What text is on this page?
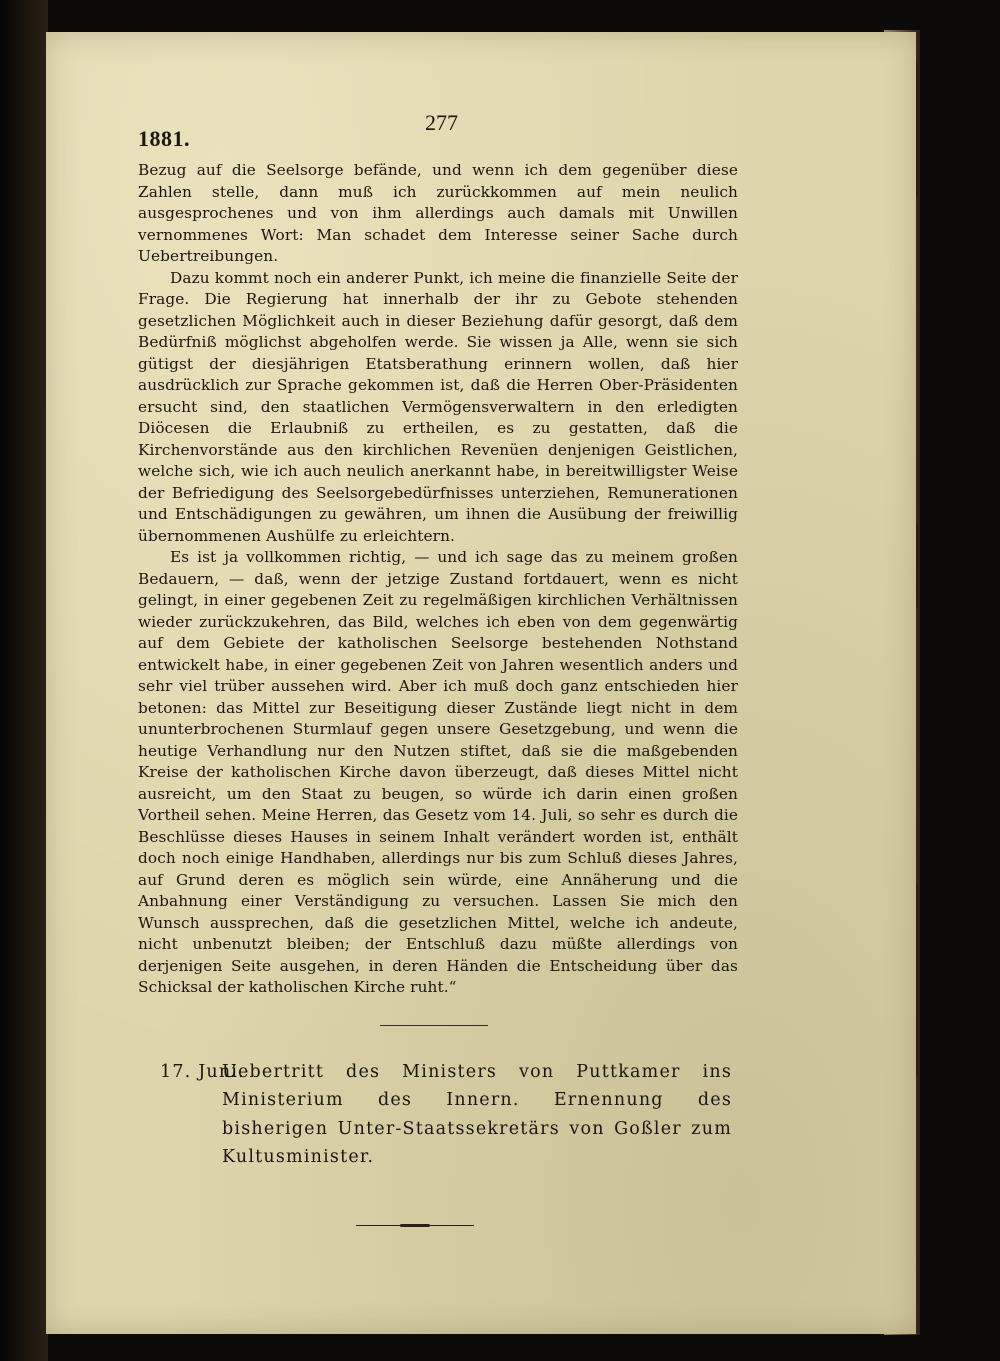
1881.
277

Bezug auf die Seelsorge befände, und wenn ich dem gegenüber diese Zahlen stelle, dann muß ich zurückkommen auf mein neulich ausgesprochenes und von ihm allerdings auch damals mit Unwillen vernommenes Wort: Man schadet dem Interesse seiner Sache durch Uebertreibungen.

Dazu kommt noch ein anderer Punkt, ich meine die finanzielle Seite der Frage. Die Regierung hat innerhalb der ihr zu Gebote stehenden gesetzlichen Möglichkeit auch in dieser Beziehung dafür gesorgt, daß dem Bedürfniß möglichst abgeholfen werde. Sie wissen ja Alle, wenn sie sich gütigst der diesjährigen Etatsberathung erinnern wollen, daß hier ausdrücklich zur Sprache gekommen ist, daß die Herren Ober-Präsidenten ersucht sind, den staatlichen Vermögensverwaltern in den erledigten Diöcesen die Erlaubniß zu ertheilen, es zu gestatten, daß die Kirchenvorstände aus den kirchlichen Revenüen denjenigen Geistlichen, welche sich, wie ich auch neulich anerkannt habe, in bereitwilligster Weise der Befriedigung des Seelsorgebedürfnisses unterziehen, Remunerationen und Entschädigungen zu gewähren, um ihnen die Ausübung der freiwillig übernommenen Aushülfe zu erleichtern.

Es ist ja vollkommen richtig, — und ich sage das zu meinem großen Bedauern, — daß, wenn der jetzige Zustand fortdauert, wenn es nicht gelingt, in einer gegebenen Zeit zu regelmäßigen kirchlichen Verhältnissen wieder zurückzukehren, das Bild, welches ich eben von dem gegenwärtig auf dem Gebiete der katholischen Seelsorge bestehenden Nothstand entwickelt habe, in einer gegebenen Zeit von Jahren wesentlich anders und sehr viel trüber aussehen wird. Aber ich muß doch ganz entschieden hier betonen: das Mittel zur Beseitigung dieser Zustände liegt nicht in dem ununterbrochenen Sturmlauf gegen unsere Gesetzgebung, und wenn die heutige Verhandlung nur den Nutzen stiftet, daß sie die maßgebenden Kreise der katholischen Kirche davon überzeugt, daß dieses Mittel nicht ausreicht, um den Staat zu beugen, so würde ich darin einen großen Vortheil sehen. Meine Herren, das Gesetz vom 14. Juli, so sehr es durch die Beschlüsse dieses Hauses in seinem Inhalt verändert worden ist, enthält doch noch einige Handhaben, allerdings nur bis zum Schluß dieses Jahres, auf Grund deren es möglich sein würde, eine Annäherung und die Anbahnung einer Verständigung zu versuchen. Lassen Sie mich den Wunsch aussprechen, daß die gesetzlichen Mittel, welche ich andeute, nicht unbenutzt bleiben; der Entschluß dazu müßte allerdings von derjenigen Seite ausgehen, in deren Händen die Entscheidung über das Schicksal der katholischen Kirche ruht.“

17. Juni.
Uebertritt des Ministers von Puttkamer ins Ministerium des Innern. Ernennung des bisherigen Unter-Staatssekretärs von Goßler zum Kultusminister.
